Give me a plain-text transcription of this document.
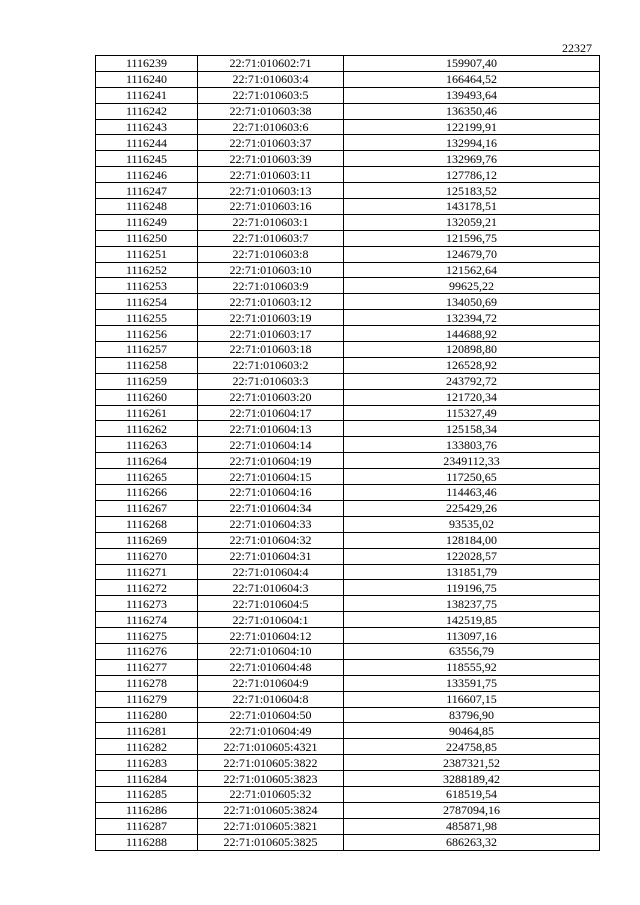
22327
1116239	22:71:010602:71	159907,40
1116240	22:71:010603:4	166464,52
1116241	22:71:010603:5	139493,64
1116242	22:71:010603:38	136350,46
1116243	22:71:010603:6	122199,91
1116244	22:71:010603:37	132994,16
1116245	22:71:010603:39	132969,76
1116246	22:71:010603:11	127786,12
1116247	22:71:010603:13	125183,52
1116248	22:71:010603:16	143178,51
1116249	22:71:010603:1	132059,21
1116250	22:71:010603:7	121596,75
1116251	22:71:010603:8	124679,70
1116252	22:71:010603:10	121562,64
1116253	22:71:010603:9	99625,22
1116254	22:71:010603:12	134050,69
1116255	22:71:010603:19	132394,72
1116256	22:71:010603:17	144688,92
1116257	22:71:010603:18	120898,80
1116258	22:71:010603:2	126528,92
1116259	22:71:010603:3	243792,72
1116260	22:71:010603:20	121720,34
1116261	22:71:010604:17	115327,49
1116262	22:71:010604:13	125158,34
1116263	22:71:010604:14	133803,76
1116264	22:71:010604:19	2349112,33
1116265	22:71:010604:15	117250,65
1116266	22:71:010604:16	114463,46
1116267	22:71:010604:34	225429,26
1116268	22:71:010604:33	93535,02
1116269	22:71:010604:32	128184,00
1116270	22:71:010604:31	122028,57
1116271	22:71:010604:4	131851,79
1116272	22:71:010604:3	119196,75
1116273	22:71:010604:5	138237,75
1116274	22:71:010604:1	142519,85
1116275	22:71:010604:12	113097,16
1116276	22:71:010604:10	63556,79
1116277	22:71:010604:48	118555,92
1116278	22:71:010604:9	133591,75
1116279	22:71:010604:8	116607,15
1116280	22:71:010604:50	83796,90
1116281	22:71:010604:49	90464,85
1116282	22:71:010605:4321	224758,85
1116283	22:71:010605:3822	2387321,52
1116284	22:71:010605:3823	3288189,42
1116285	22:71:010605:32	618519,54
1116286	22:71:010605:3824	2787094,16
1116287	22:71:010605:3821	485871,98
1116288	22:71:010605:3825	686263,32
